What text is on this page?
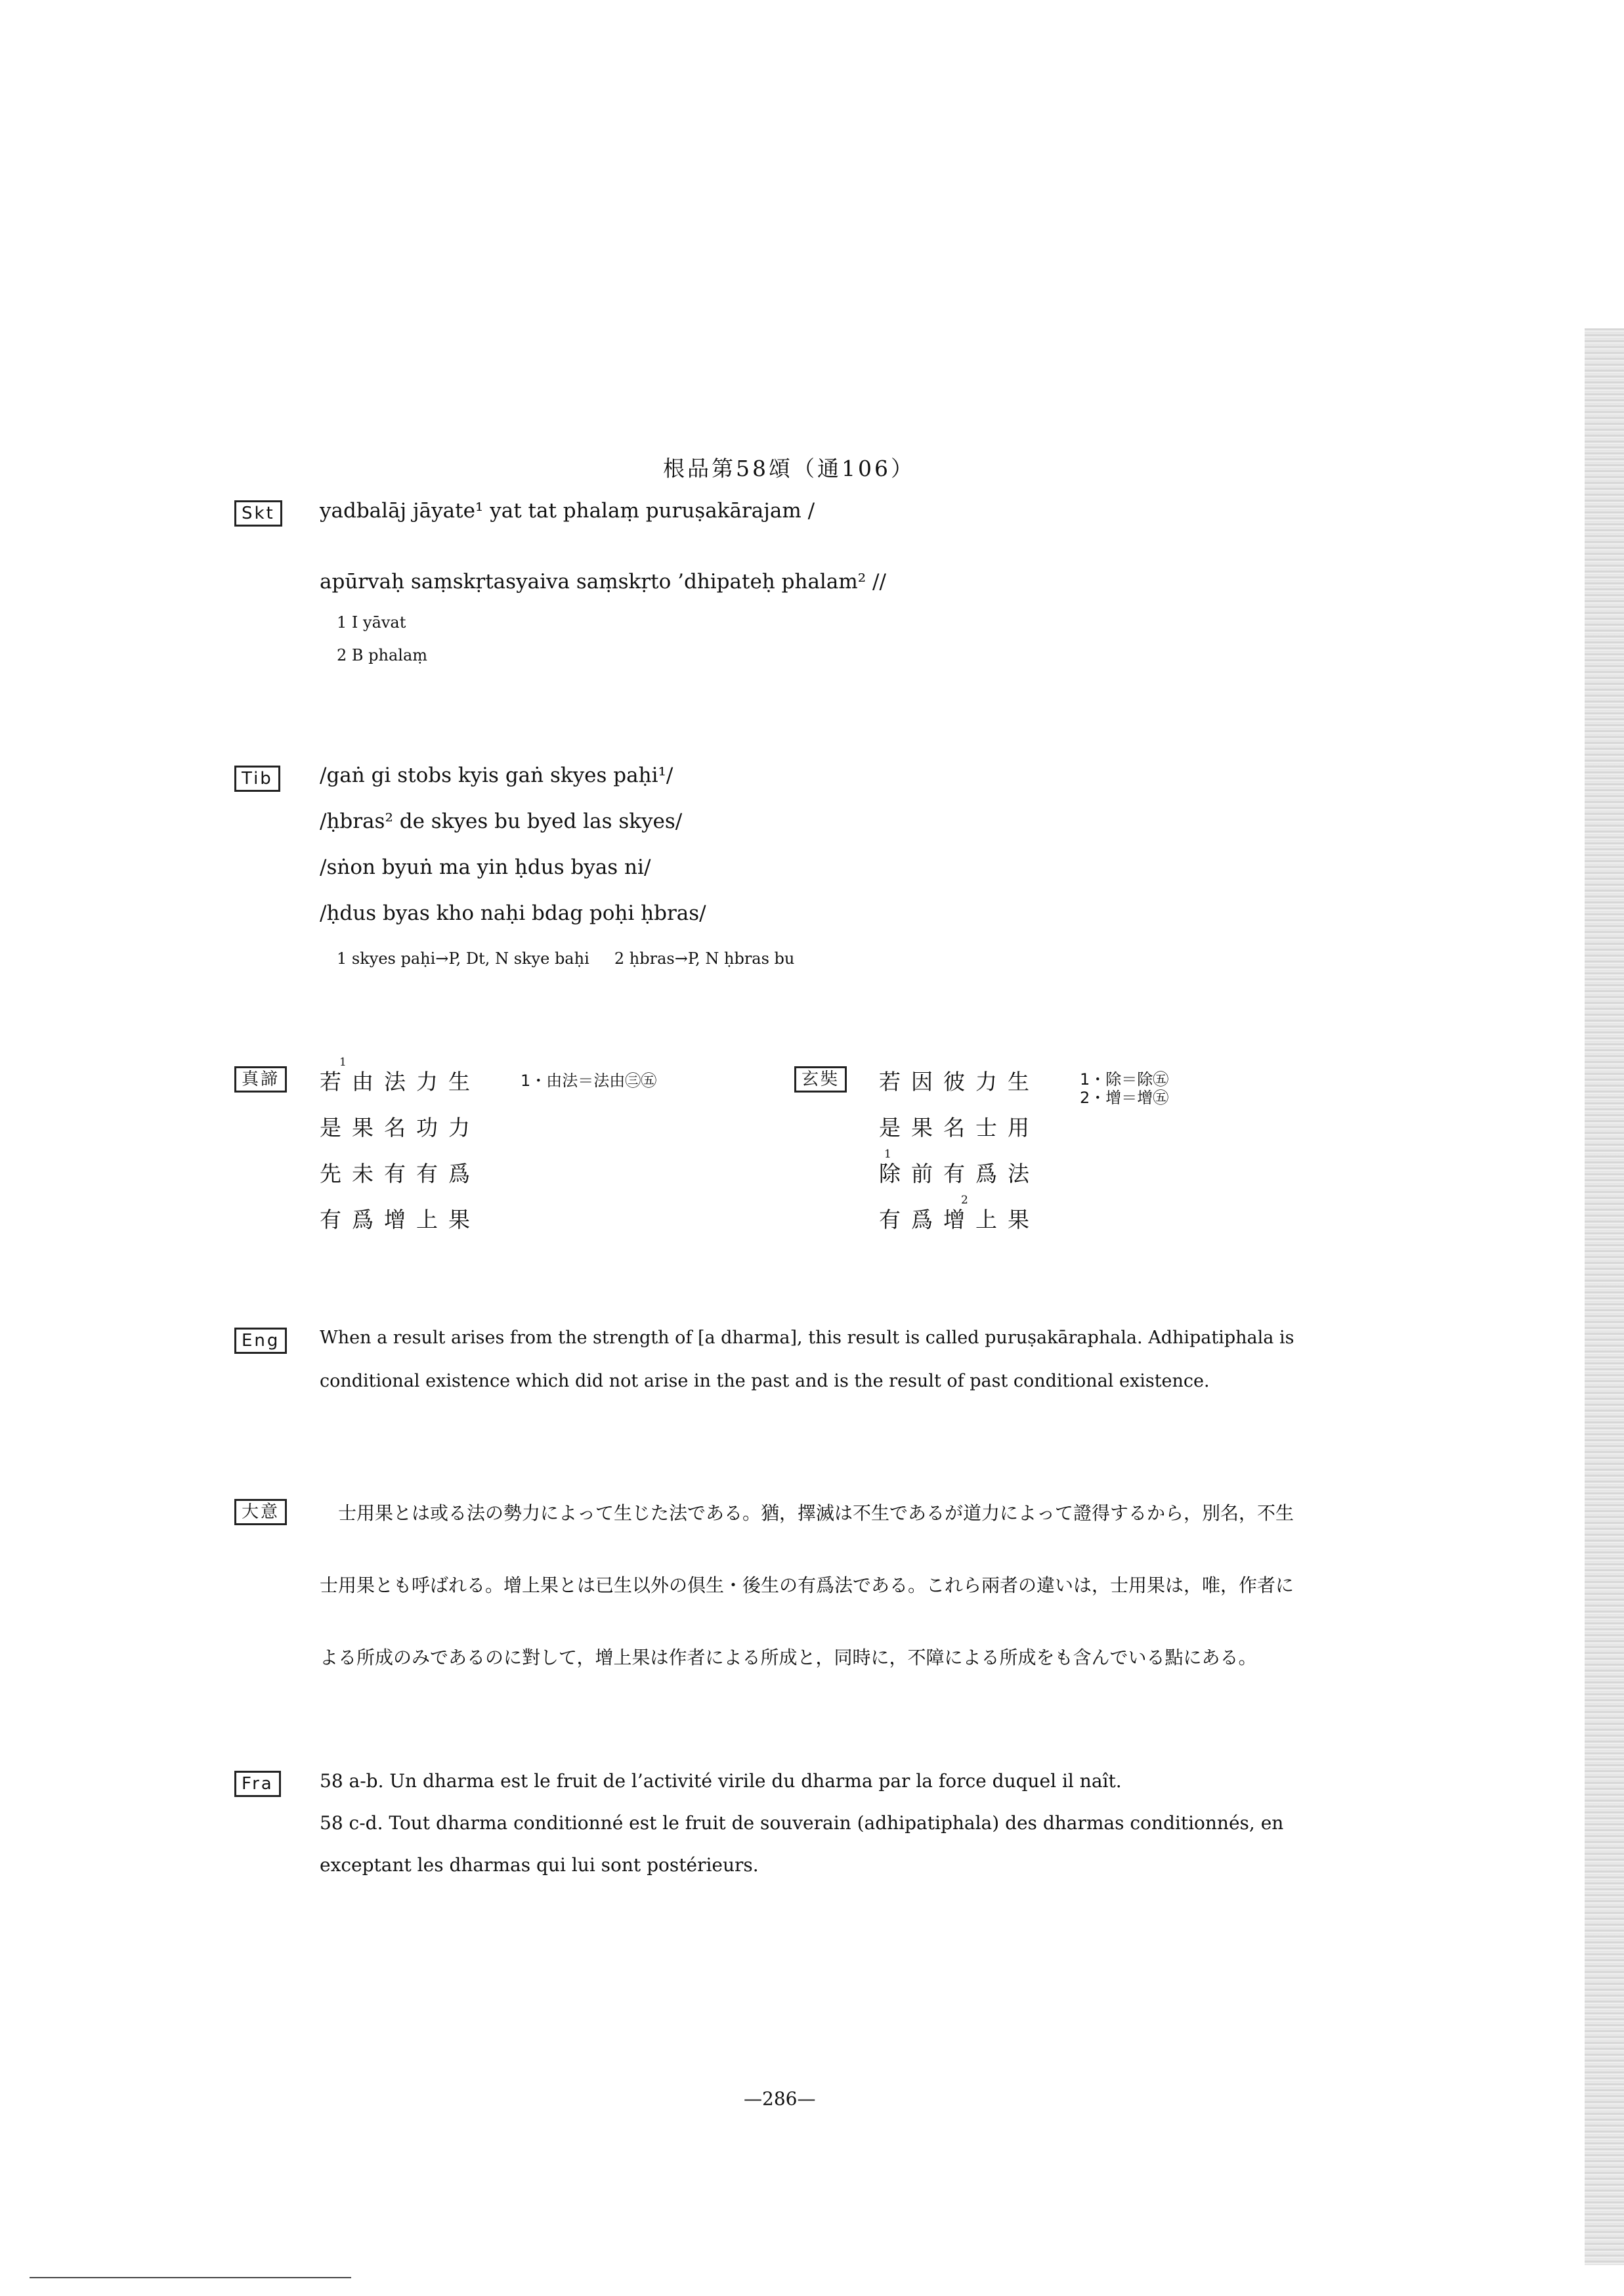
根品第58頌（通106）
Skt	yadbalāj jāyate¹ yat tat phalaṃ puruṣakārajam /
apūrvaḥ saṃskṛtasyaiva saṃskṛto ’dhipateḥ phalam² //
1 I yāvat
2 B phalaṃ
Tib	/gaṅ gi stobs kyis gaṅ skyes paḥi¹/
/ḥbras² de skyes bu byed las skyes/
/sṅon byuṅ ma yin ḥdus byas ni/
/ḥdus byas kho naḥi bdag poḥi ḥbras/
1 skyes paḥi→P, Dt, N skye baḥi     2 ḥbras→P, N ḥbras bu
真諦
1
若由法力生
是果名功力
先未有有爲
有爲增上果
1・由法＝法由㊂㊄	玄奘	若因彼力生
是果名士用
1
除前有爲法
2
有爲增上果
1・除＝除㊄
2・增＝增㊄
Eng	When a result arises from the strength of [a dharma], this result is called puruṣakāraphala. Adhipatiphala is
conditional existence which did not arise in the past and is the result of past conditional existence.
大意	士用果とは或る法の勢力によって生じた法である。猶，擇滅は不生であるが道力によって證得するから，別名，不生
士用果とも呼ばれる。增上果とは已生以外の倶生・後生の有爲法である。これら兩者の違いは，士用果は，唯，作者に
よる所成のみであるのに對して，增上果は作者による所成と，同時に，不障による所成をも含んでいる點にある。
Fra	58 a-b. Un dharma est le fruit de l’activité virile du dharma par la force duquel il naît.
58 c-d. Tout dharma conditionné est le fruit de souverain (adhipatiphala) des dharmas conditionnés, en
exceptant les dharmas qui lui sont postérieurs.
—286—
